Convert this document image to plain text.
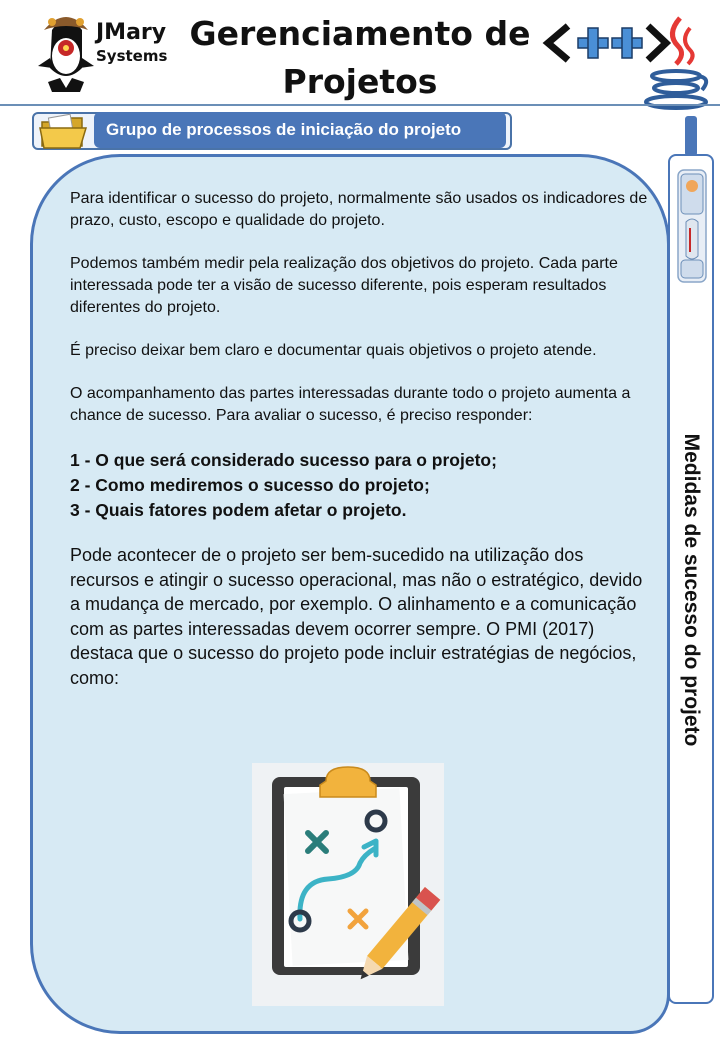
JMary
Systems
Gerenciamento de Projetos
Grupo de processos de iniciação do projeto
Medidas de sucesso do projeto

Para identificar o sucesso do projeto, normalmente são usados os indicadores de prazo, custo, escopo e qualidade do projeto.

Podemos também medir pela realização dos objetivos do projeto. Cada parte interessada pode ter a visão de sucesso diferente, pois esperam resultados diferentes do projeto.

É preciso deixar bem claro e documentar quais objetivos o projeto atende.

O acompanhamento das partes interessadas durante todo o projeto aumenta a chance de sucesso. Para avaliar o sucesso, é preciso responder:

1 - O que será considerado sucesso para o projeto;
2 - Como mediremos o sucesso do projeto;
3 - Quais fatores podem afetar o projeto.

Pode acontecer de o projeto ser bem-sucedido na utilização dos recursos e atingir o sucesso operacional, mas não o estratégico, devido a mudança de mercado, por exemplo. O alinhamento e a comunicação com as partes interessadas devem ocorrer sempre. O PMI (2017) destaca que o sucesso do projeto pode incluir estratégias de negócios, como:
